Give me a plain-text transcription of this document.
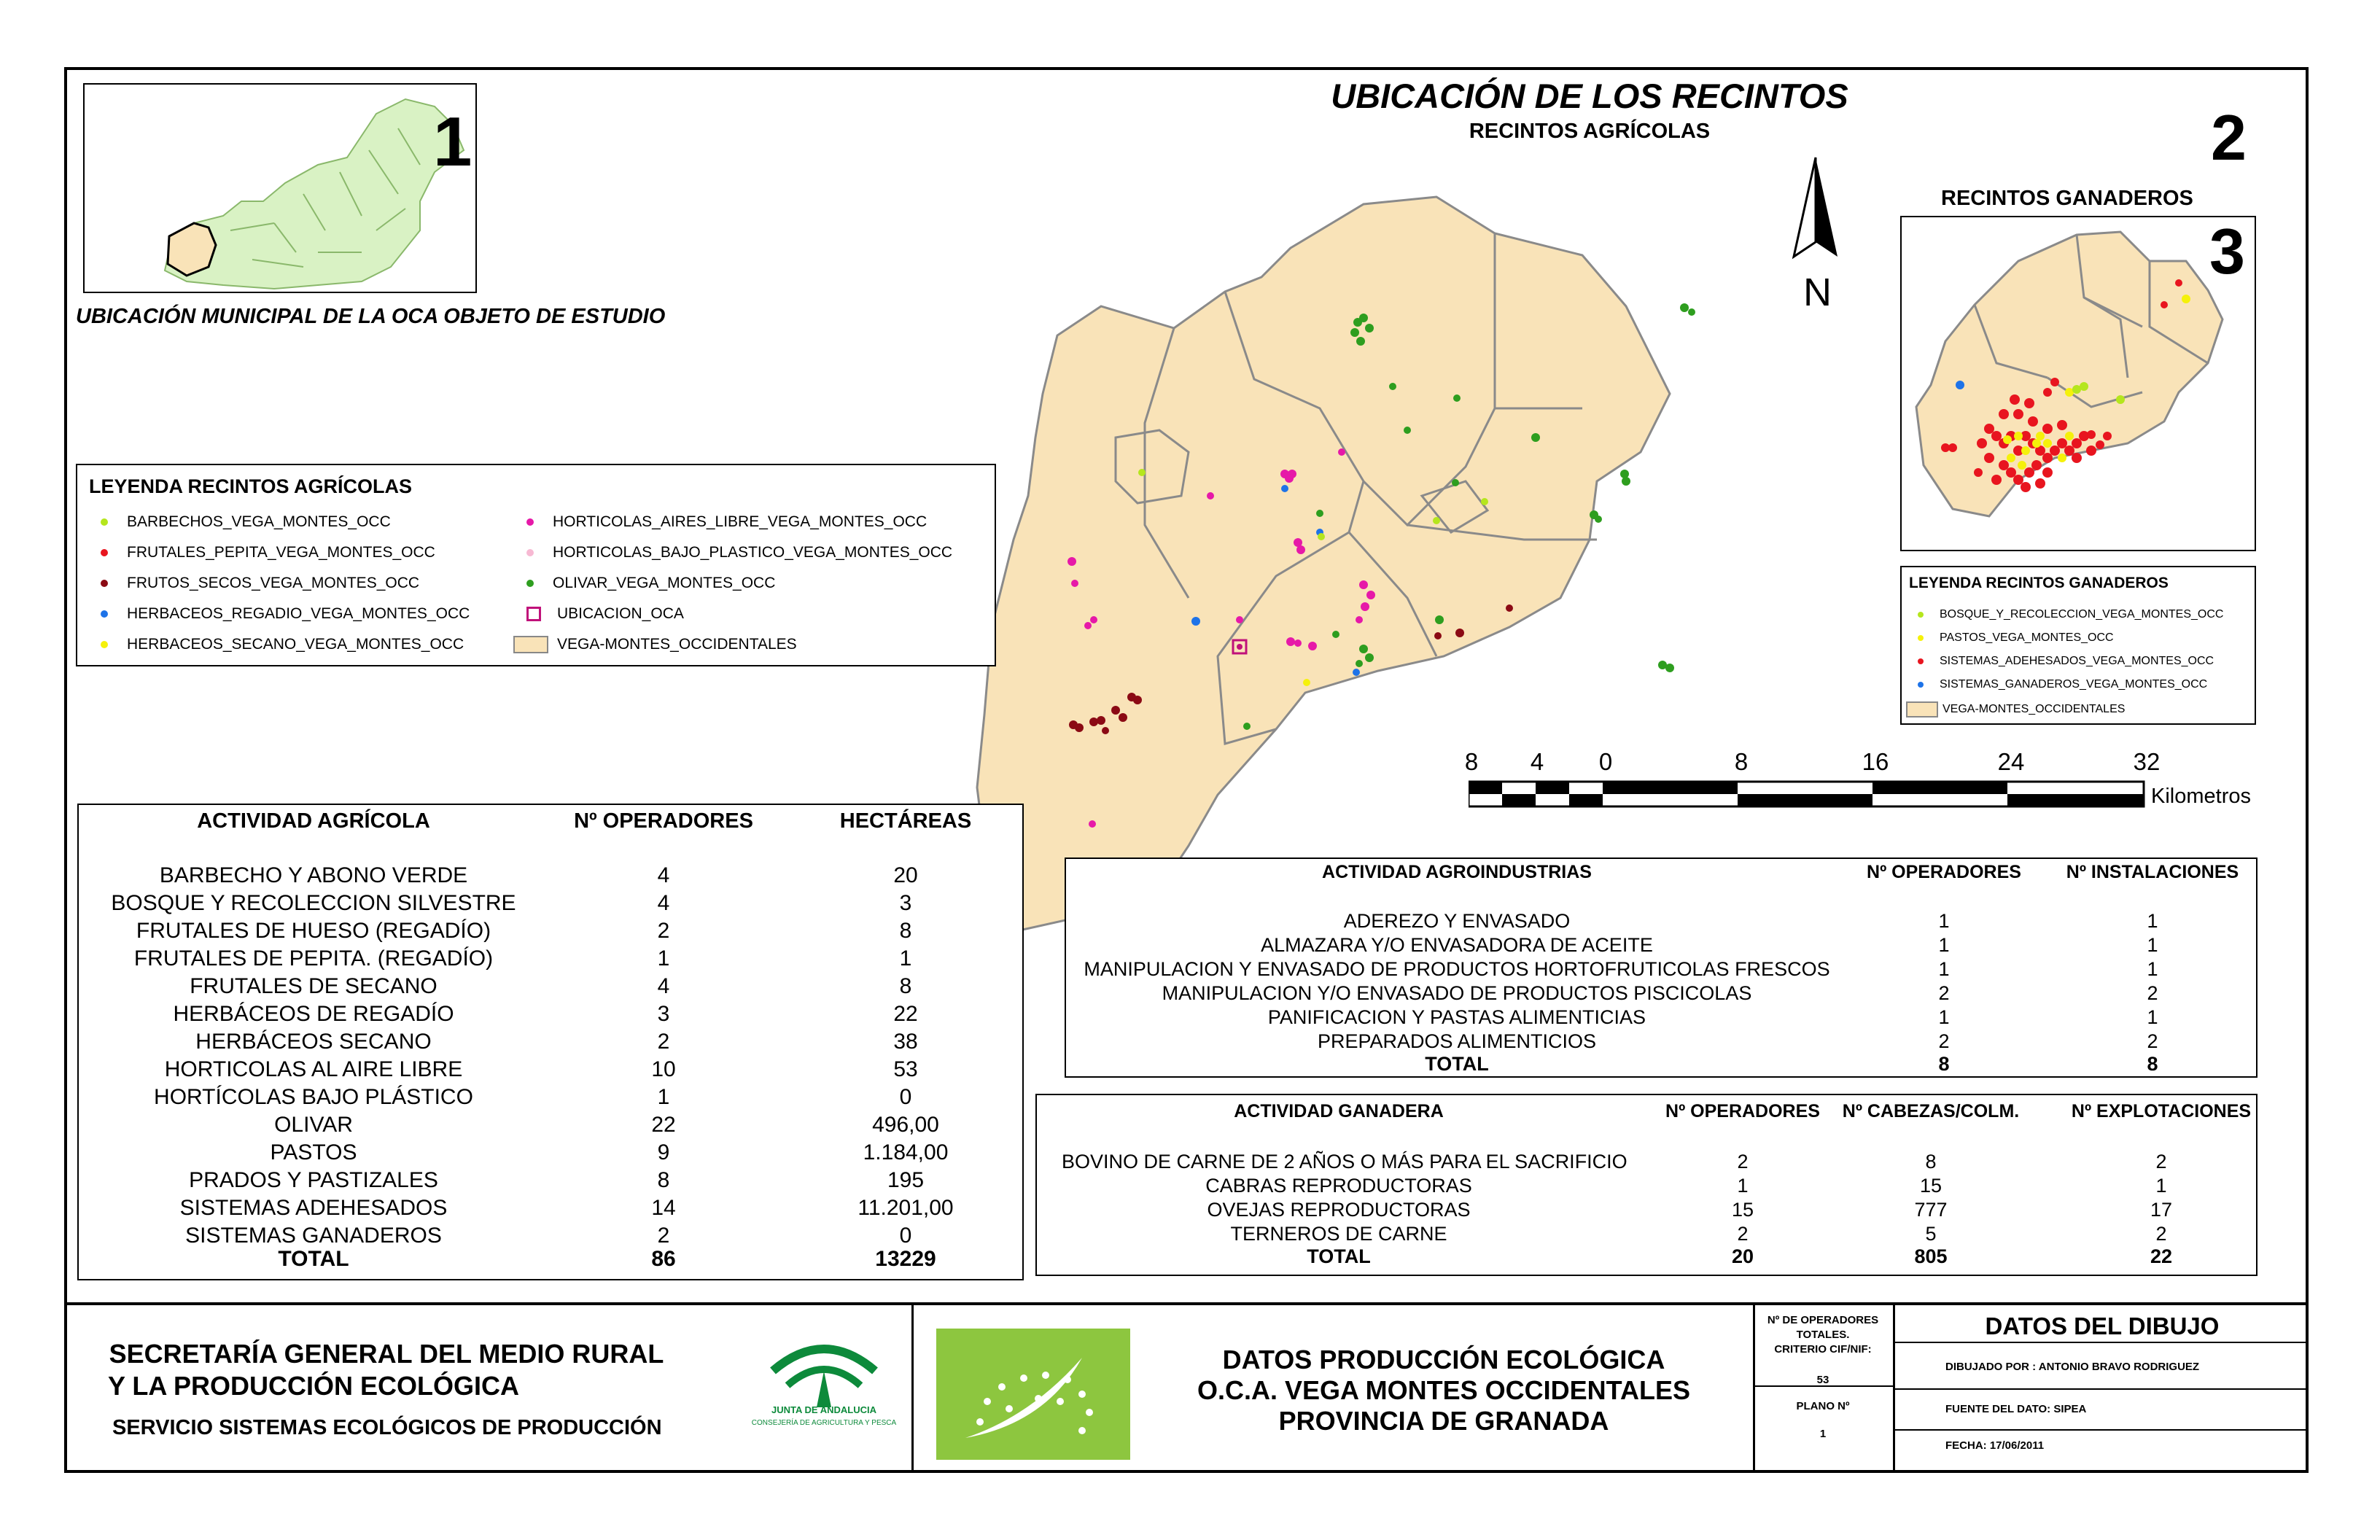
1
UBICACIÓN MUNICIPAL DE LA OCA OBJETO DE ESTUDIO
UBICACIÓN DE LOS RECINTOS
RECINTOS AGRÍCOLAS	2
N
LEYENDA RECINTOS AGRÍCOLAS
BARBECHOS_VEGA_MONTES_OCC
FRUTALES_PEPITA_VEGA_MONTES_OCC
FRUTOS_SECOS_VEGA_MONTES_OCC
HERBACEOS_REGADIO_VEGA_MONTES_OCC
HERBACEOS_SECANO_VEGA_MONTES_OCC
HORTICOLAS_AIRES_LIBRE_VEGA_MONTES_OCC
HORTICOLAS_BAJO_PLASTICO_VEGA_MONTES_OCC
OLIVAR_VEGA_MONTES_OCC
UBICACION_OCA
VEGA-MONTES_OCCIDENTALES
8	4	0	8	16	24	32
Kilometros
RECINTOS GANADEROS
3
LEYENDA RECINTOS GANADEROS
BOSQUE_Y_RECOLECCION_VEGA_MONTES_OCC
PASTOS_VEGA_MONTES_OCC
SISTEMAS_ADEHESADOS_VEGA_MONTES_OCC
SISTEMAS_GANADEROS_VEGA_MONTES_OCC
VEGA-MONTES_OCCIDENTALES
ACTIVIDAD AGRÍCOLA	Nº OPERADORES	HECTÁREAS
BARBECHO Y ABONO VERDE	4	20
BOSQUE Y RECOLECCION SILVESTRE	4	3
FRUTALES DE HUESO (REGADÍO)	2	8
FRUTALES DE PEPITA. (REGADÍO)	1	1
FRUTALES DE SECANO	4	8
HERBÁCEOS DE REGADÍO	3	22
HERBÁCEOS SECANO	2	38
HORTICOLAS AL AIRE LIBRE	10	53
HORTÍCOLAS BAJO PLÁSTICO	1	0
OLIVAR	22	496,00
PASTOS	9	1.184,00
PRADOS Y PASTIZALES	8	195
SISTEMAS ADEHESADOS	14	11.201,00
SISTEMAS GANADEROS	2	0
TOTAL	86	13229
ACTIVIDAD AGROINDUSTRIAS	Nº OPERADORES	Nº INSTALACIONES
ADEREZO Y ENVASADO	1	1
ALMAZARA Y/O ENVASADORA DE ACEITE	1	1
MANIPULACION Y ENVASADO DE PRODUCTOS HORTOFRUTICOLAS FRESCOS	1	1
MANIPULACION Y/O ENVASADO DE PRODUCTOS PISCICOLAS	2	2
PANIFICACION Y PASTAS ALIMENTICIAS	1	1
PREPARADOS ALIMENTICIOS	2	2
TOTAL	8	8
ACTIVIDAD GANADERA	Nº OPERADORES	Nº CABEZAS/COLM.	Nº EXPLOTACIONES
BOVINO DE CARNE DE 2 AÑOS O MÁS PARA EL SACRIFICIO	2	8	2
CABRAS REPRODUCTORAS	1	15	1
OVEJAS REPRODUCTORAS	15	777	17
TERNEROS DE CARNE	2	5	2
TOTAL	20	805	22
SECRETARÍA GENERAL DEL MEDIO RURAL
Y LA PRODUCCIÓN ECOLÓGICA
SERVICIO SISTEMAS ECOLÓGICOS DE PRODUCCIÓN
JUNTA DE ANDALUCIA
CONSEJERÍA DE AGRICULTURA Y PESCA
DATOS PRODUCCIÓN ECOLÓGICA
O.C.A. VEGA MONTES OCCIDENTALES
PROVINCIA DE GRANADA
Nº DE OPERADORES
TOTALES.
CRITERIO CIF/NIF:
53
PLANO Nº
1
DATOS DEL DIBUJO
DIBUJADO POR : ANTONIO BRAVO RODRIGUEZ
FUENTE DEL DATO: SIPEA
FECHA: 17/06/2011
